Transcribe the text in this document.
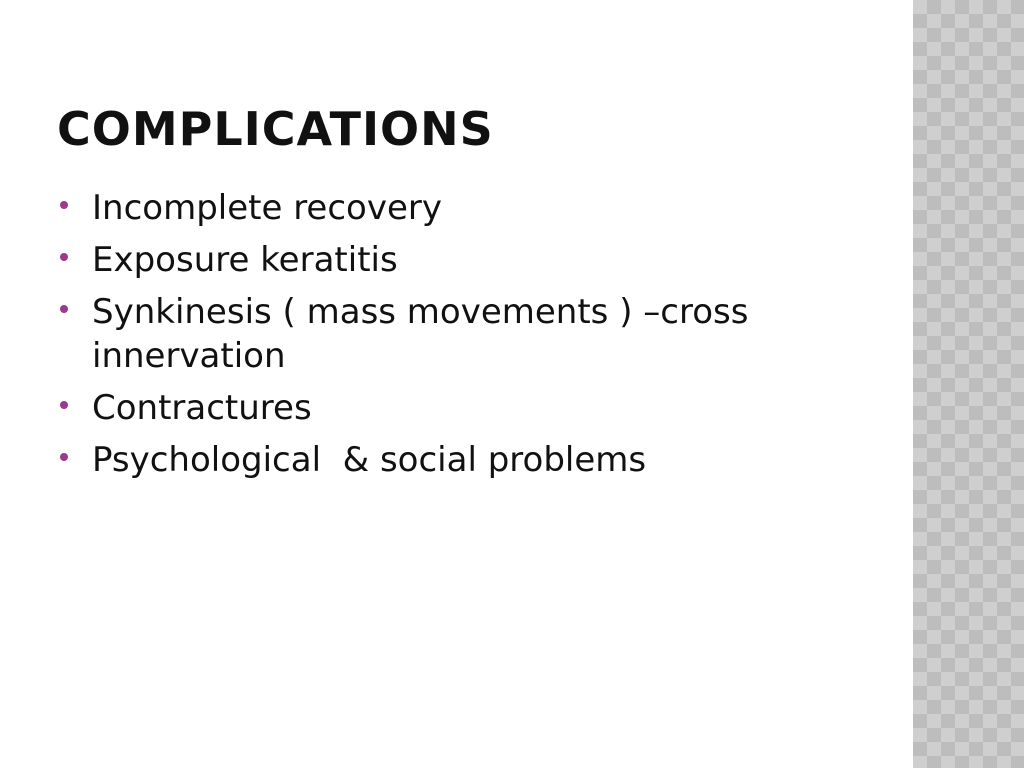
COMPLICATIONS
Incomplete recovery
Exposure keratitis
Synkinesis ( mass movements ) –cross innervation
Contractures
Psychological  & social problems
